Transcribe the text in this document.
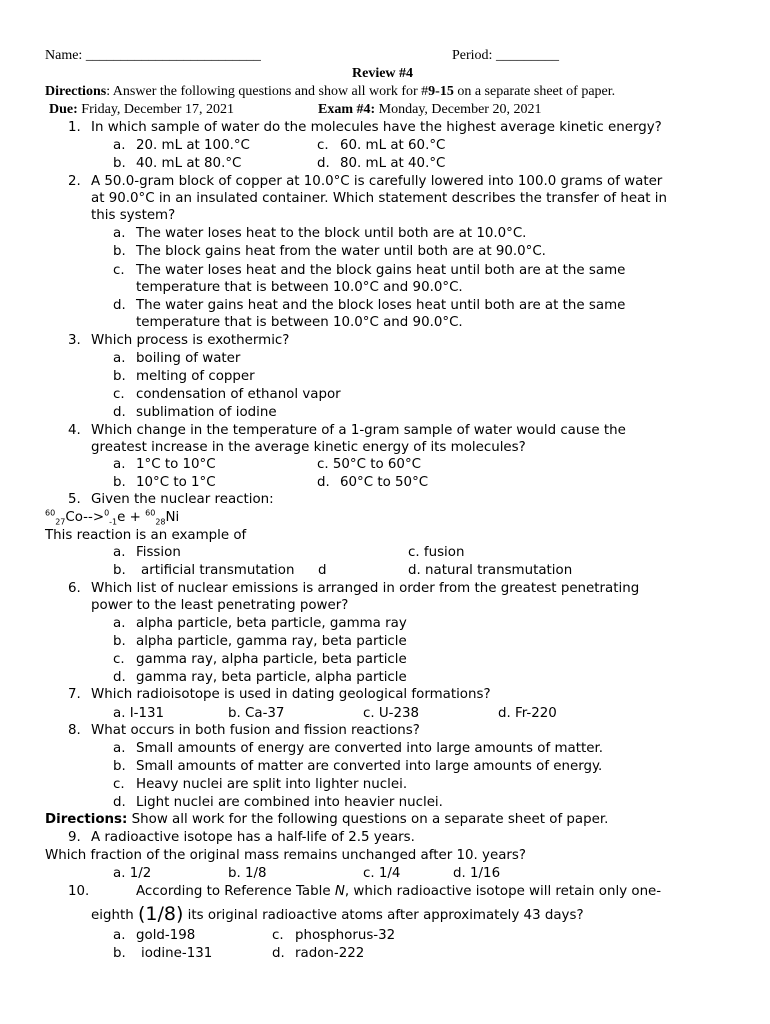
Name: _________________________	Period: _________
Review #4
Directions: Answer the following questions and show all work for #9-15 on a separate sheet of paper.
Due: Friday, December 17, 2021	Exam #4: Monday, December 20, 2021
1. In which sample of water do the molecules have the highest average kinetic energy?
a. 20. mL at 100.°C	c. 60. mL at 60.°C
b. 40. mL at 80.°C	d. 80. mL at 40.°C
2. A 50.0-gram block of copper at 10.0°C is carefully lowered into 100.0 grams of water
at 90.0°C in an insulated container. Which statement describes the transfer of heat in
this system?
a. The water loses heat to the block until both are at 10.0°C.
b. The block gains heat from the water until both are at 90.0°C.
c. The water loses heat and the block gains heat until both are at the same
temperature that is between 10.0°C and 90.0°C.
d. The water gains heat and the block loses heat until both are at the same
temperature that is between 10.0°C and 90.0°C.
3. Which process is exothermic?
a. boiling of water
b. melting of copper
c. condensation of ethanol vapor
d. sublimation of iodine
4. Which change in the temperature of a 1-gram sample of water would cause the
greatest increase in the average kinetic energy of its molecules?
a. 1°C to 10°C	c. 50°C to 60°C
b. 10°C to 1°C	d. 60°C to 50°C
5. Given the nuclear reaction:
$^{60}_{27}$Co-->$^0_{-1}$e + $^{60}_{28}$Ni
This reaction is an example of
a. Fission	c. fusion
b. artificial transmutation d	d. natural transmutation
6. Which list of nuclear emissions is arranged in order from the greatest penetrating
power to the least penetrating power?
a. alpha particle, beta particle, gamma ray
b. alpha particle, gamma ray, beta particle
c. gamma ray, alpha particle, beta particle
d. gamma ray, beta particle, alpha particle
7. Which radioisotope is used in dating geological formations?
a. I-131	b. Ca-37	c. U-238	d. Fr-220
8. What occurs in both fusion and fission reactions?
a. Small amounts of energy are converted into large amounts of matter.
b. Small amounts of matter are converted into large amounts of energy.
c. Heavy nuclei are split into lighter nuclei.
d. Light nuclei are combined into heavier nuclei.
Directions: Show all work for the following questions on a separate sheet of paper.
9. A radioactive isotope has a half-life of 2.5 years.
Which fraction of the original mass remains unchanged after 10. years?
a. 1/2	b. 1/8	c. 1/4	d. 1/16
10.	According to Reference Table N, which radioactive isotope will retain only one-
eighth (1/8) its original radioactive atoms after approximately 43 days?
a. gold-198	c. phosphorus-32
b. iodine-131	d. radon-222
